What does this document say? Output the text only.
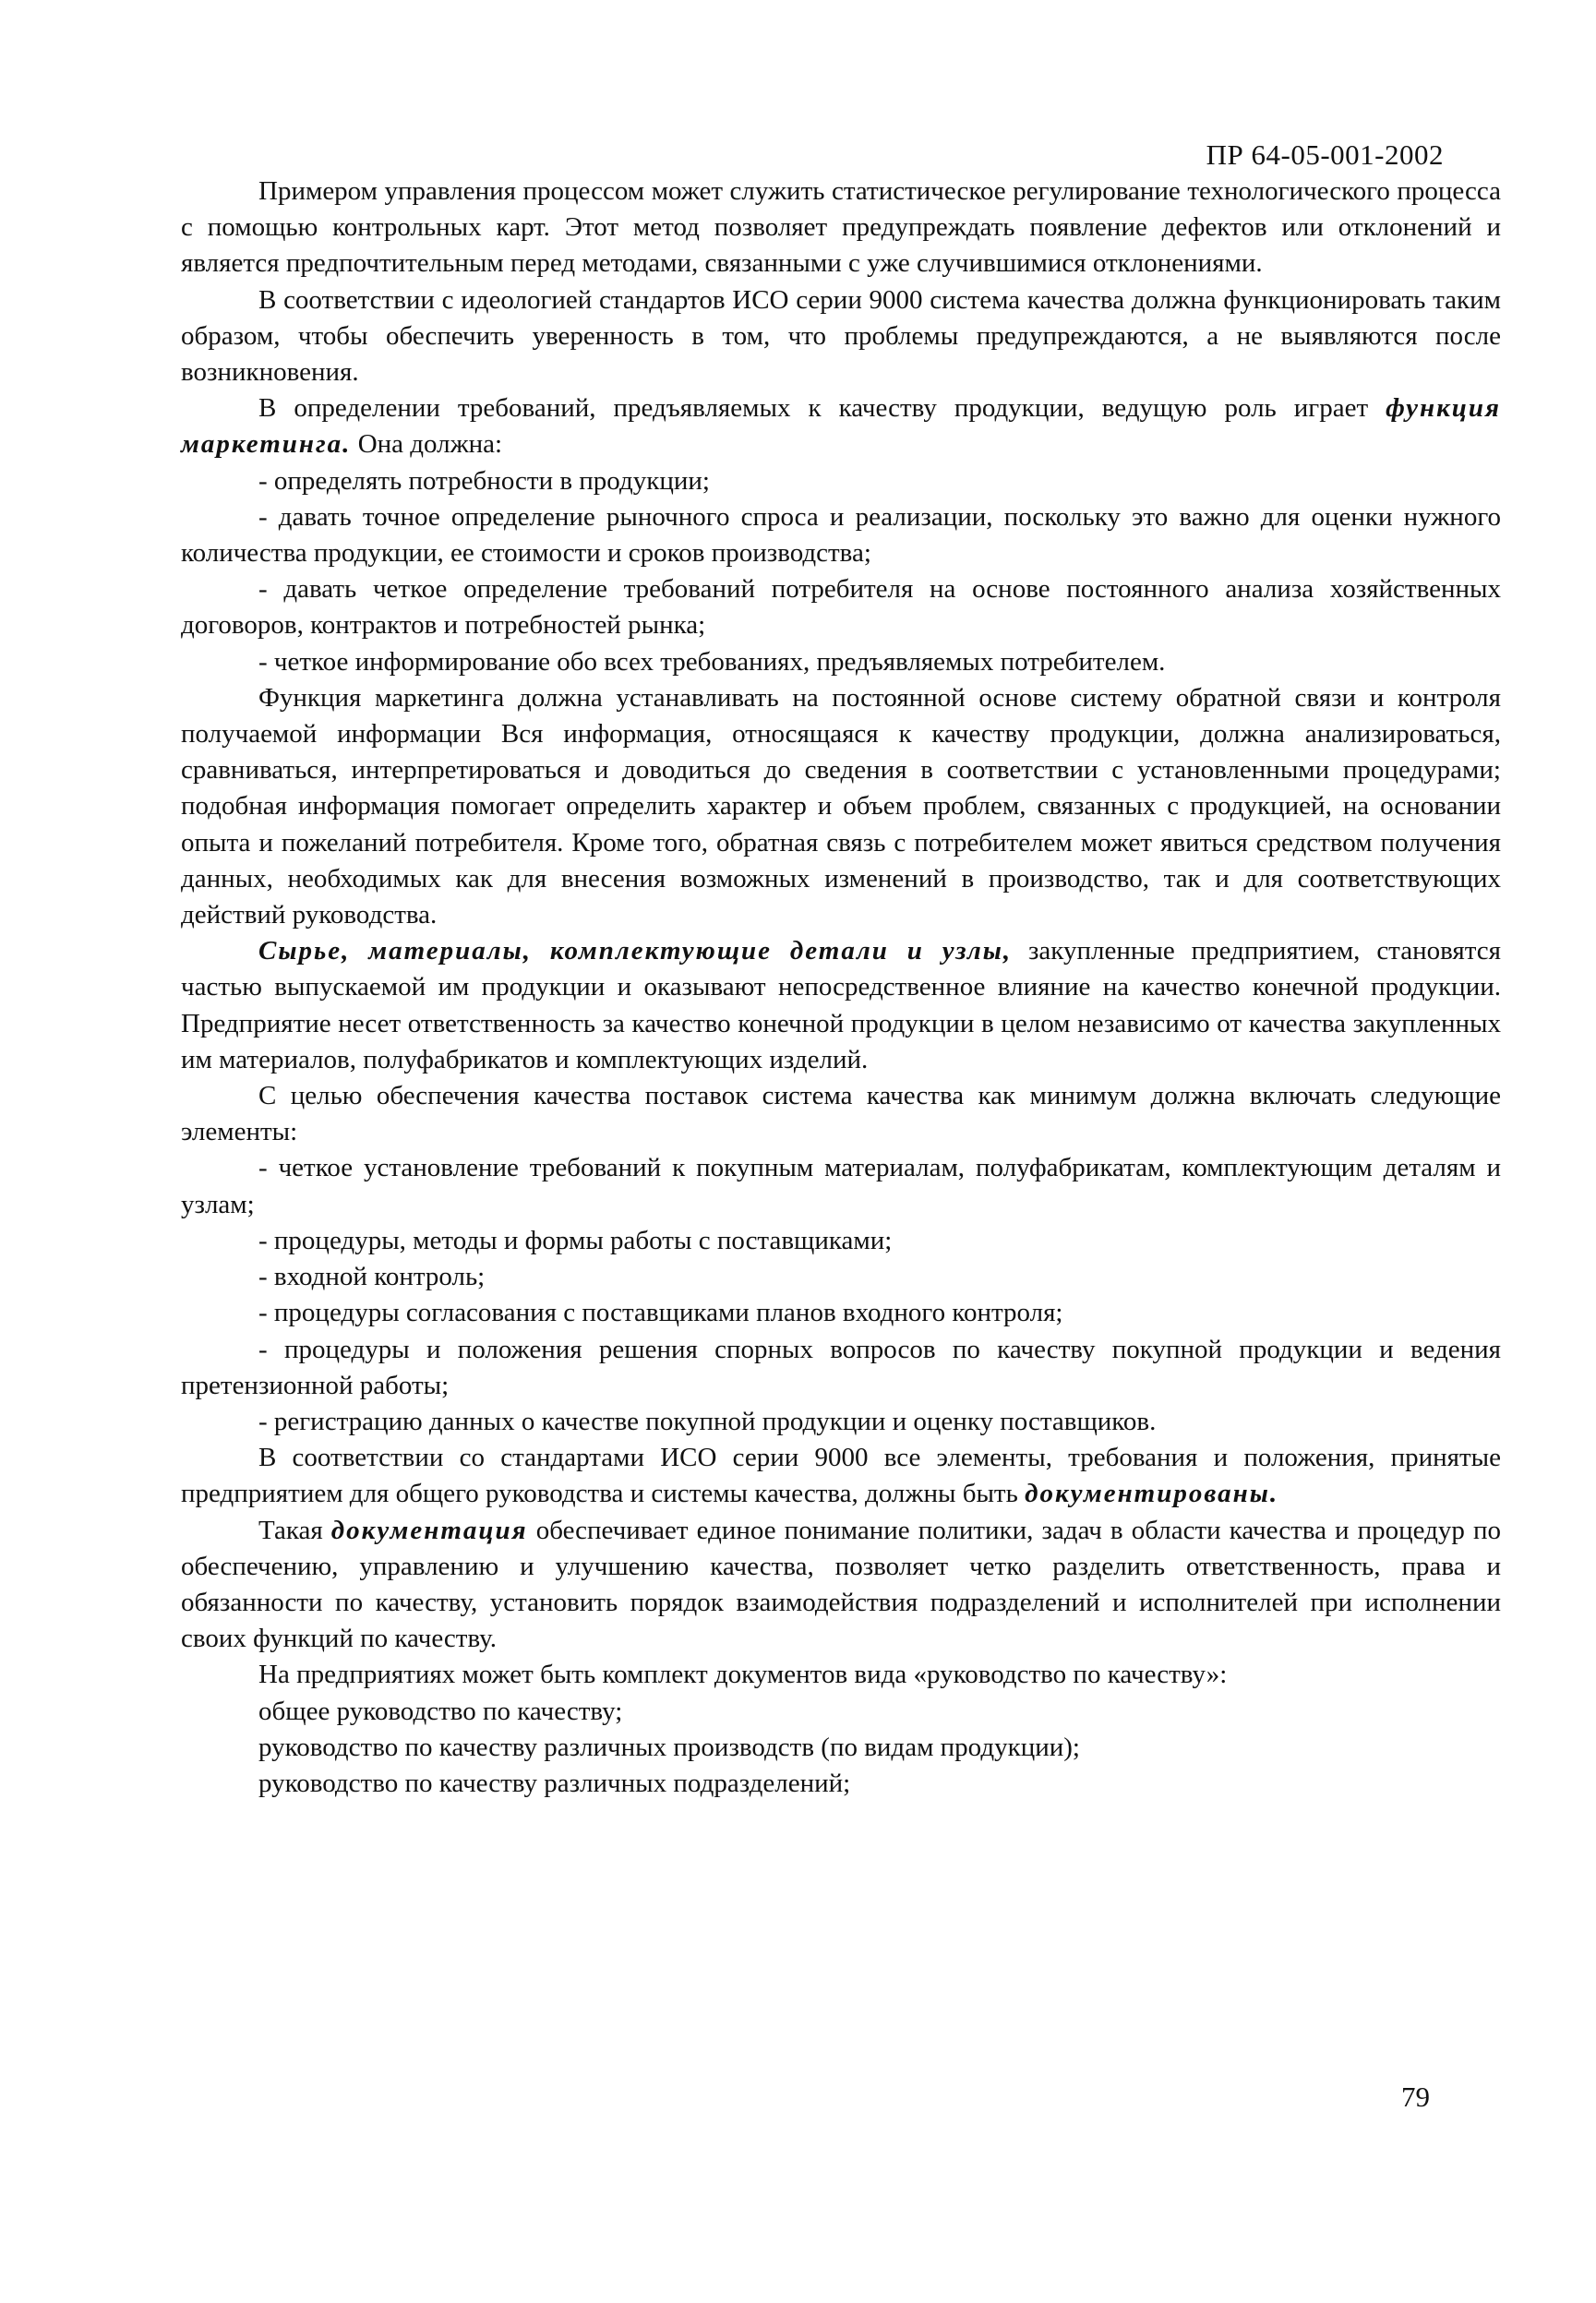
ПР 64-05-001-2002

Примером управления процессом может служить статистическое регулирование технологического процесса с помощью контрольных карт. Этот метод позволяет предупреждать появление дефектов или отклонений и является предпочтительным перед методами, связанными с уже случившимися отклонениями.

В соответствии с идеологией стандартов ИСО серии 9000 система качества должна функционировать таким образом, чтобы обеспечить уверенность в том, что проблемы предупреждаются, а не выявляются после возникновения.

В определении требований, предъявляемых к качеству продукции, ведущую роль играет функция маркетинга. Она должна:

- определять потребности в продукции;

- давать точное определение рыночного спроса и реализации, поскольку это важно для оценки нужного количества продукции, ее стоимости и сроков производства;

- давать четкое определение требований потребителя на основе постоянного анализа хозяйственных договоров, контрактов и потребностей рынка;

- четкое информирование обо всех требованиях, предъявляемых потребителем.

Функция маркетинга должна устанавливать на постоянной основе систему обратной связи и контроля получаемой информации Вся информация, относящаяся к качеству продукции, должна анализироваться, сравниваться, интерпретироваться и доводиться до сведения в соответствии с установленными процедурами; подобная информация помогает определить характер и объем проблем, связанных с продукцией, на основании опыта и пожеланий потребителя. Кроме того, обратная связь с потребителем может явиться средством получения данных, необходимых как для внесения возможных изменений в производство, так и для соответствующих действий руководства.

Сырье, материалы, комплектующие детали и узлы, закупленные предприятием, становятся частью выпускаемой им продукции и оказывают непосредственное влияние на качество конечной продукции. Предприятие несет ответственность за качество конечной продукции в целом независимо от качества закупленных им материалов, полуфабрикатов и комплектующих изделий.

С целью обеспечения качества поставок система качества как минимум должна включать следующие элементы:

- четкое установление требований к покупным материалам, полуфабрикатам, комплектующим деталям и узлам;

- процедуры, методы и формы работы с поставщиками;

- входной контроль;

- процедуры согласования с поставщиками планов входного контроля;

- процедуры и положения решения спорных вопросов по качеству покупной продукции и ведения претензионной работы;

- регистрацию данных о качестве покупной продукции и оценку поставщиков.

В соответствии со стандартами ИСО серии 9000 все элементы, требования и положения, принятые предприятием для общего руководства и системы качества, должны быть документированы.

Такая документация обеспечивает единое понимание политики, задач в области качества и процедур по обеспечению, управлению и улучшению качества, позволяет четко разделить ответственность, права и обязанности по качеству, установить порядок взаимодействия подразделений и исполнителей при исполнении своих функций по качеству.

На предприятиях может быть комплект документов вида «руководство по качеству»:

общее руководство по качеству;

руководство по качеству различных производств (по видам продукции);

руководство по качеству различных подразделений;

79
